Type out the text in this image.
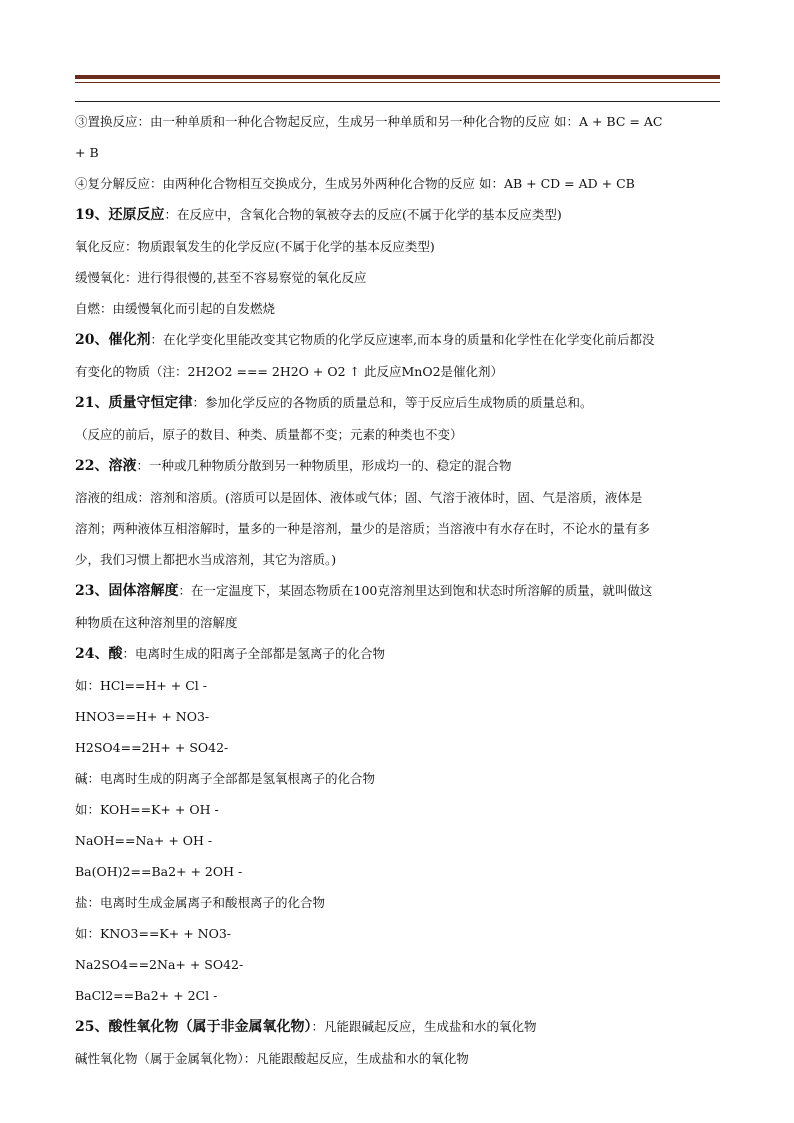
③置换反应：由一种单质和一种化合物起反应，生成另一种单质和另一种化合物的反应 如：A + BC = AC

+ B

④复分解反应：由两种化合物相互交换成分，生成另外两种化合物的反应 如：AB + CD = AD + CB

19、还原反应：在反应中，含氧化合物的氧被夺去的反应(不属于化学的基本反应类型)

氧化反应：物质跟氧发生的化学反应(不属于化学的基本反应类型)

缓慢氧化：进行得很慢的,甚至不容易察觉的氧化反应

自燃：由缓慢氧化而引起的自发燃烧

20、催化剂：在化学变化里能改变其它物质的化学反应速率,而本身的质量和化学性在化学变化前后都没

有变化的物质（注：2H2O2 === 2H2O + O2 ↑ 此反应MnO2是催化剂）

21、质量守恒定律：参加化学反应的各物质的质量总和，等于反应后生成物质的质量总和。

（反应的前后，原子的数目、种类、质量都不变；元素的种类也不变）

22、溶液：一种或几种物质分散到另一种物质里，形成均一的、稳定的混合物

溶液的组成：溶剂和溶质。(溶质可以是固体、液体或气体；固、气溶于液体时，固、气是溶质，液体是

溶剂；两种液体互相溶解时，量多的一种是溶剂，量少的是溶质；当溶液中有水存在时，不论水的量有多

少，我们习惯上都把水当成溶剂，其它为溶质。)

23、固体溶解度：在一定温度下，某固态物质在100克溶剂里达到饱和状态时所溶解的质量，就叫做这

种物质在这种溶剂里的溶解度

24、酸：电离时生成的阳离子全部都是氢离子的化合物

如：HCl==H+ + Cl -

HNO3==H+ + NO3-

H2SO4==2H+ + SO42-

碱：电离时生成的阴离子全部都是氢氧根离子的化合物

如：KOH==K+ + OH -

NaOH==Na+ + OH -

Ba(OH)2==Ba2+ + 2OH -

盐：电离时生成金属离子和酸根离子的化合物

如：KNO3==K+ + NO3-

Na2SO4==2Na+ + SO42-

BaCl2==Ba2+ + 2Cl -

25、酸性氧化物（属于非金属氧化物）：凡能跟碱起反应，生成盐和水的氧化物

碱性氧化物（属于金属氧化物）：凡能跟酸起反应，生成盐和水的氧化物
